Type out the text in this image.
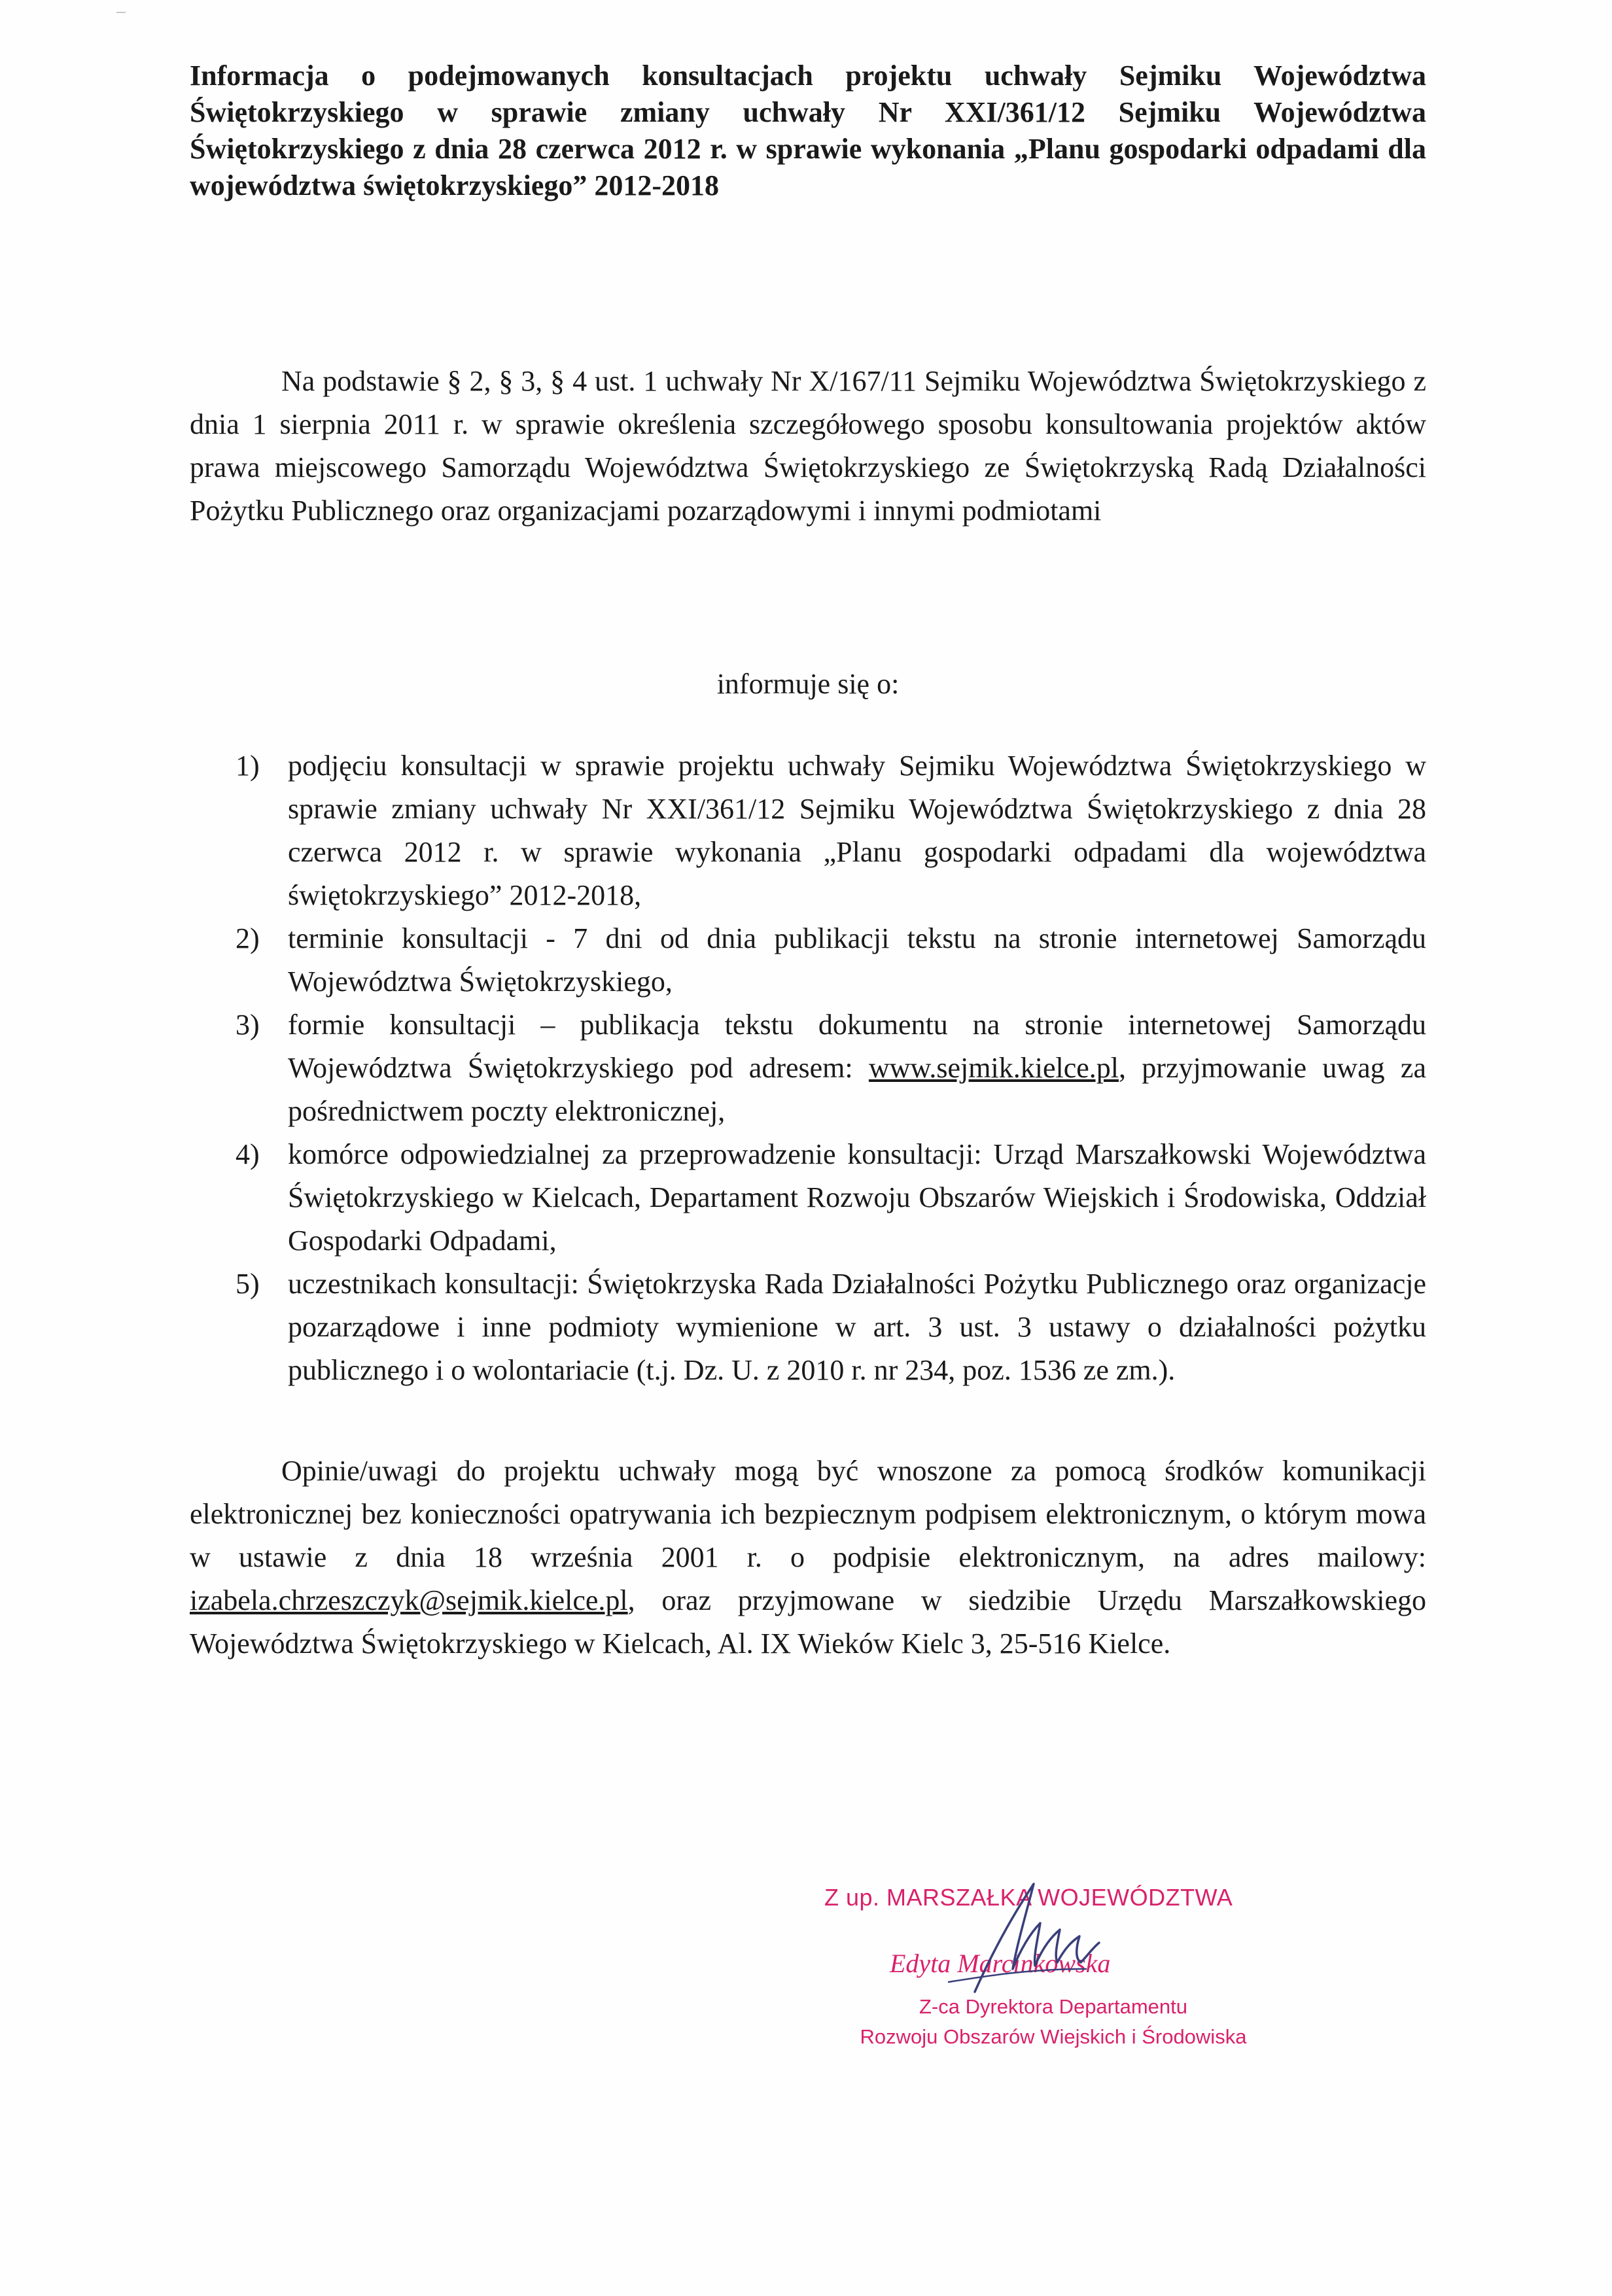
Informacja o podejmowanych konsultacjach projektu uchwały Sejmiku Województwa Świętokrzyskiego w sprawie zmiany uchwały Nr XXI/361/12 Sejmiku Województwa Świętokrzyskiego z dnia 28 czerwca 2012 r. w sprawie wykonania „Planu gospodarki odpadami dla województwa świętokrzyskiego” 2012-2018

Na podstawie § 2, § 3, § 4 ust. 1 uchwały Nr X/167/11 Sejmiku Województwa Świętokrzyskiego z dnia 1 sierpnia 2011 r. w sprawie określenia szczegółowego sposobu konsultowania projektów aktów prawa miejscowego Samorządu Województwa Świętokrzyskiego ze Świętokrzyską Radą Działalności Pożytku Publicznego oraz organizacjami pozarządowymi i innymi podmiotami

informuje się o:

1) podjęciu konsultacji w sprawie projektu uchwały Sejmiku Województwa Świętokrzyskiego w sprawie zmiany uchwały Nr XXI/361/12 Sejmiku Województwa Świętokrzyskiego z dnia 28 czerwca 2012 r. w sprawie wykonania „Planu gospodarki odpadami dla województwa świętokrzyskiego” 2012-2018,
2) terminie konsultacji - 7 dni od dnia publikacji tekstu na stronie internetowej Samorządu Województwa Świętokrzyskiego,
3) formie konsultacji – publikacja tekstu dokumentu na stronie internetowej Samorządu Województwa Świętokrzyskiego pod adresem: www.sejmik.kielce.pl, przyjmowanie uwag za pośrednictwem poczty elektronicznej,
4) komórce odpowiedzialnej za przeprowadzenie konsultacji: Urząd Marszałkowski Województwa Świętokrzyskiego w Kielcach, Departament Rozwoju Obszarów Wiejskich i Środowiska, Oddział Gospodarki Odpadami,
5) uczestnikach konsultacji: Świętokrzyska Rada Działalności Pożytku Publicznego oraz organizacje pozarządowe i inne podmioty wymienione w art. 3 ust. 3 ustawy o działalności pożytku publicznego i o wolontariacie (t.j. Dz. U. z 2010 r. nr 234, poz. 1536 ze zm.).

Opinie/uwagi do projektu uchwały mogą być wnoszone za pomocą środków komunikacji elektronicznej bez konieczności opatrywania ich bezpiecznym podpisem elektronicznym, o którym mowa w ustawie z dnia 18 września 2001 r. o podpisie elektronicznym, na adres mailowy: izabela.chrzeszczyk@sejmik.kielce.pl, oraz przyjmowane w siedzibie Urzędu Marszałkowskiego Województwa Świętokrzyskiego w Kielcach, Al. IX Wieków Kielc 3, 25-516 Kielce.

Z up. MARSZAŁKA WOJEWÓDZTWA
Edyta Marcinkowska
Z-ca Dyrektora Departamentu
Rozwoju Obszarów Wiejskich i Środowiska
